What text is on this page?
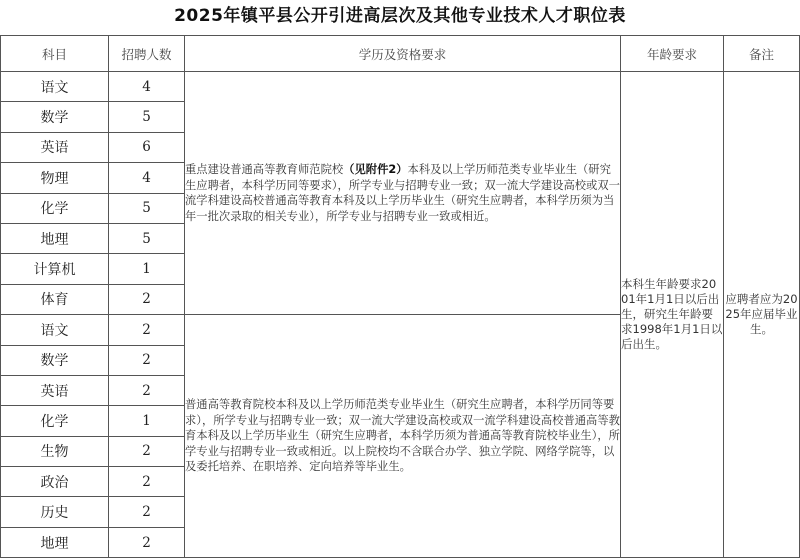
2025年镇平县公开引进高层次及其他专业技术人才职位表
科目	招聘人数	学历及资格要求	年龄要求	备注
语文	4	重点建设普通高等教育师范院校（见附件2）本科及以上学历师范类专业毕业生（研究生应聘者，本科学历同等要求），所学专业与招聘专业一致；双一流大学建设高校或双一流学科建设高校普通高等教育本科及以上学历毕业生（研究生应聘者，本科学历须为当年一批次录取的相关专业），所学专业与招聘专业一致或相近。	本科生年龄要求2001年1月1日以后出生，研究生年龄要求1998年1月1日以后出生。	应聘者应为2025年应届毕业生。
数学	5			
英语	6			
物理	4			
化学	5			
地理	5			
计算机	1			
体育	2			
语文	2	普通高等教育院校本科及以上学历师范类专业毕业生（研究生应聘者，本科学历同等要求），所学专业与招聘专业一致；双一流大学建设高校或双一流学科建设高校普通高等教育本科及以上学历毕业生（研究生应聘者，本科学历须为普通高等教育院校毕业生），所学专业与招聘专业一致或相近。以上院校均不含联合办学、独立学院、网络学院等，以及委托培养、在职培养、定向培养等毕业生。		
数学	2			
英语	2			
化学	1			
生物	2			
政治	2			
历史	2			
地理	2			
